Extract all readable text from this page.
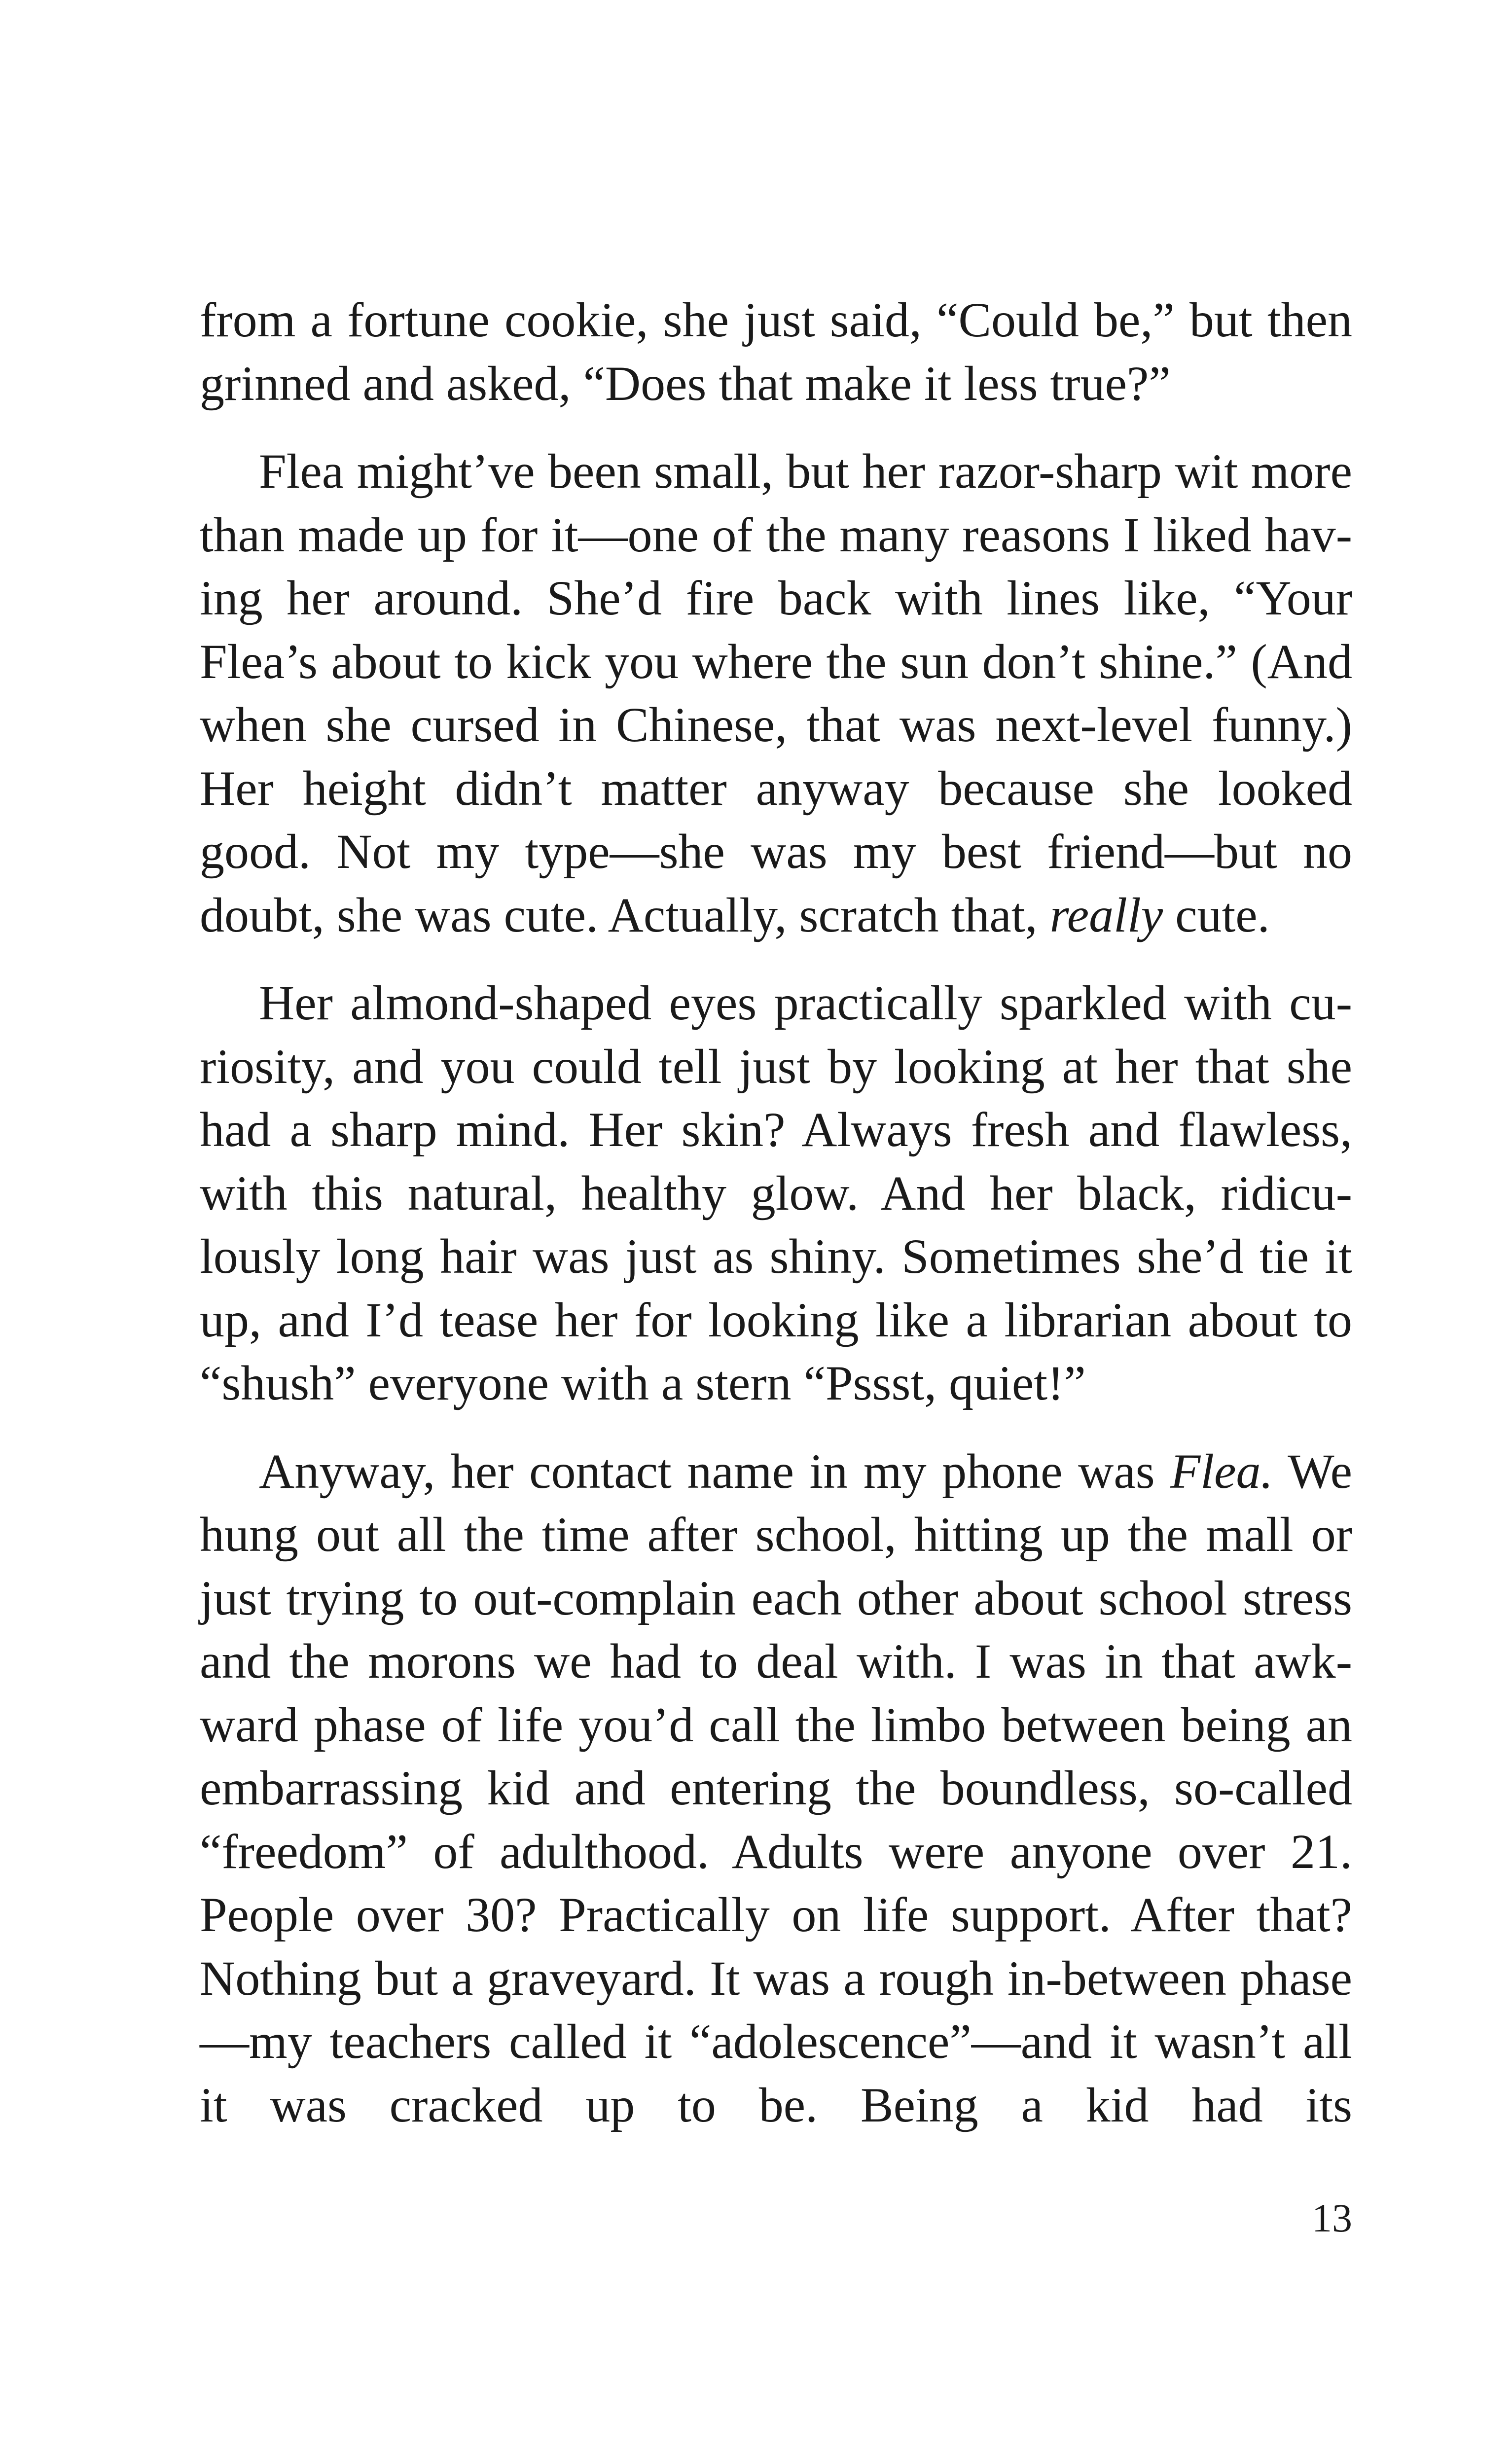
from a fortune cookie, she just said, “Could be,” but then grinned and asked, “Does that make it less true?”

Flea might’ve been small, but her razor-sharp wit more than made up for it—one of the many reasons I liked having her around. She’d fire back with lines like, “Your Flea’s about to kick you where the sun don’t shine.” (And when she cursed in Chinese, that was next-level funny.) Her height didn’t matter anyway because she looked good. Not my type—she was my best friend—but no doubt, she was cute. Actually, scratch that, really cute.

Her almond-shaped eyes practically sparkled with curiosity, and you could tell just by looking at her that she had a sharp mind. Her skin? Always fresh and flawless, with this natural, healthy glow. And her black, ridiculously long hair was just as shiny. Sometimes she’d tie it up, and I’d tease her for looking like a librarian about to “shush” everyone with a stern “Pssst, quiet!”

Anyway, her contact name in my phone was Flea. We hung out all the time after school, hitting up the mall or just trying to out-complain each other about school stress and the morons we had to deal with. I was in that awkward phase of life you’d call the limbo between being an embarrassing kid and entering the boundless, so-called “freedom” of adulthood. Adults were anyone over 21. People over 30? Practically on life support. After that? Nothing but a graveyard. It was a rough in-between phase—my teachers called it “adolescence”—and it wasn’t all it was cracked up to be. Being a kid had its

13
